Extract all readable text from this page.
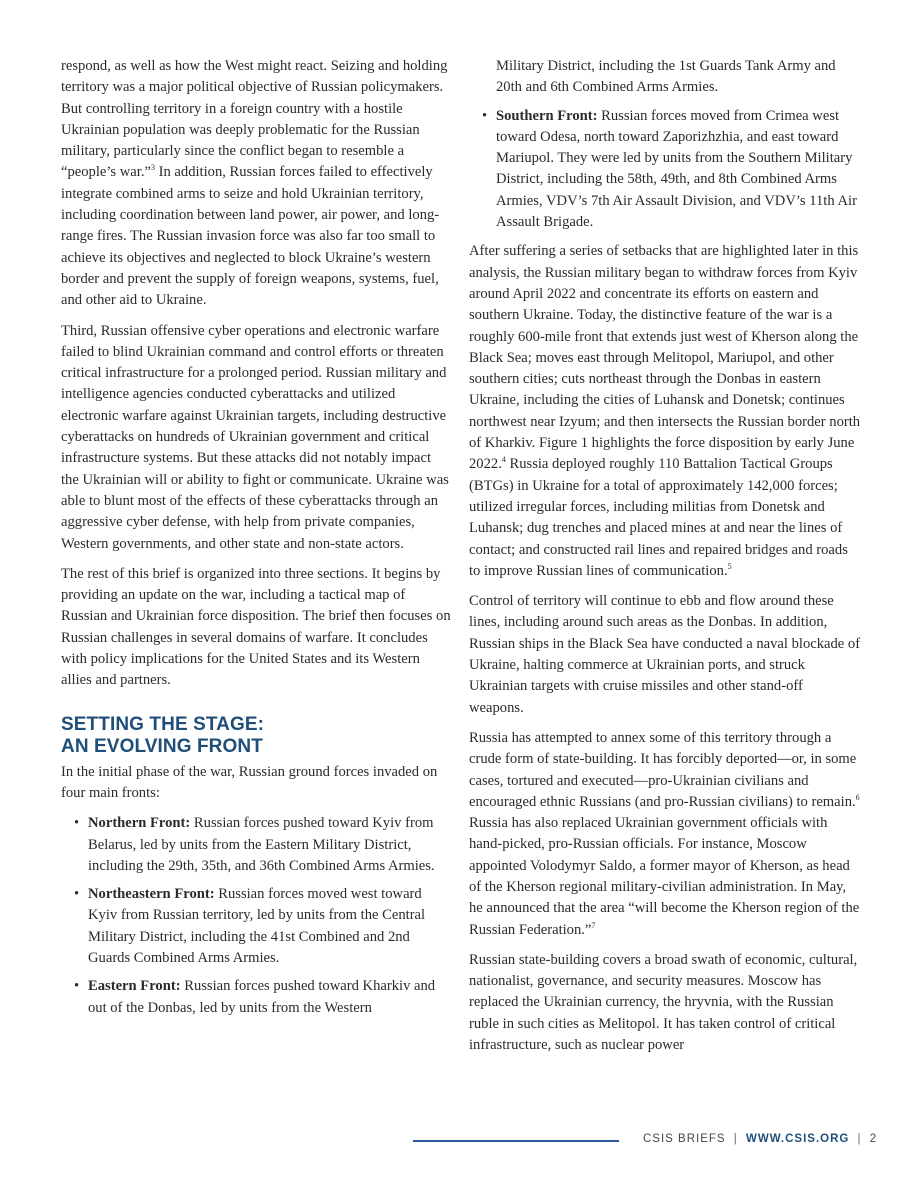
respond, as well as how the West might react. Seizing and holding territory was a major political objective of Russian policymakers. But controlling territory in a foreign country with a hostile Ukrainian population was deeply problematic for the Russian military, particularly since the conflict began to resemble a “people’s war.”$^3$ In addition, Russian forces failed to effectively integrate combined arms to seize and hold Ukrainian territory, including coordination between land power, air power, and long-range fires. The Russian invasion force was also far too small to achieve its objectives and neglected to block Ukraine’s western border and prevent the supply of foreign weapons, systems, fuel, and other aid to Ukraine.

Third, Russian offensive cyber operations and electronic warfare failed to blind Ukrainian command and control efforts or threaten critical infrastructure for a prolonged period. Russian military and intelligence agencies conducted cyberattacks and utilized electronic warfare against Ukrainian targets, including destructive cyberattacks on hundreds of Ukrainian government and critical infrastructure systems. But these attacks did not notably impact the Ukrainian will or ability to fight or communicate. Ukraine was able to blunt most of the effects of these cyberattacks through an aggressive cyber defense, with help from private companies, Western governments, and other state and non-state actors.

The rest of this brief is organized into three sections. It begins by providing an update on the war, including a tactical map of Russian and Ukrainian force disposition. The brief then focuses on Russian challenges in several domains of warfare. It concludes with policy implications for the United States and its Western allies and partners.

SETTING THE STAGE:
AN EVOLVING FRONT

In the initial phase of the war, Russian ground forces invaded on four main fronts:

• Northern Front: Russian forces pushed toward Kyiv from Belarus, led by units from the Eastern Military District, including the 29th, 35th, and 36th Combined Arms Armies.
• Northeastern Front: Russian forces moved west toward Kyiv from Russian territory, led by units from the Central Military District, including the 41st Combined and 2nd Guards Combined Arms Armies.
• Eastern Front: Russian forces pushed toward Kharkiv and out of the Donbas, led by units from the Western
Military District, including the 1st Guards Tank Army and 20th and 6th Combined Arms Armies.
• Southern Front: Russian forces moved from Crimea west toward Odesa, north toward Zaporizhzhia, and east toward Mariupol. They were led by units from the Southern Military District, including the 58th, 49th, and 8th Combined Arms Armies, VDV’s 7th Air Assault Division, and VDV’s 11th Air Assault Brigade.

After suffering a series of setbacks that are highlighted later in this analysis, the Russian military began to withdraw forces from Kyiv around April 2022 and concentrate its efforts on eastern and southern Ukraine. Today, the distinctive feature of the war is a roughly 600-mile front that extends just west of Kherson along the Black Sea; moves east through Melitopol, Mariupol, and other southern cities; cuts northeast through the Donbas in eastern Ukraine, including the cities of Luhansk and Donetsk; continues northwest near Izyum; and then intersects the Russian border north of Kharkiv. Figure 1 highlights the force disposition by early June 2022.$^4$ Russia deployed roughly 110 Battalion Tactical Groups (BTGs) in Ukraine for a total of approximately 142,000 forces; utilized irregular forces, including militias from Donetsk and Luhansk; dug trenches and placed mines at and near the lines of contact; and constructed rail lines and repaired bridges and roads to improve Russian lines of communication.$^5$

Control of territory will continue to ebb and flow around these lines, including around such areas as the Donbas. In addition, Russian ships in the Black Sea have conducted a naval blockade of Ukraine, halting commerce at Ukrainian ports, and struck Ukrainian targets with cruise missiles and other stand-off weapons.

Russia has attempted to annex some of this territory through a crude form of state-building. It has forcibly deported—or, in some cases, tortured and executed—pro-Ukrainian civilians and encouraged ethnic Russians (and pro-Russian civilians) to remain.$^6$ Russia has also replaced Ukrainian government officials with hand-picked, pro-Russian officials. For instance, Moscow appointed Volodymyr Saldo, a former mayor of Kherson, as head of the Kherson regional military-civilian administration. In May, he announced that the area “will become the Kherson region of the Russian Federation.”$^7$

Russian state-building covers a broad swath of economic, cultural, nationalist, governance, and security measures. Moscow has replaced the Ukrainian currency, the hryvnia, with the Russian ruble in such cities as Melitopol. It has taken control of critical infrastructure, such as nuclear power

CSIS BRIEFS | WWW.CSIS.ORG | 2
